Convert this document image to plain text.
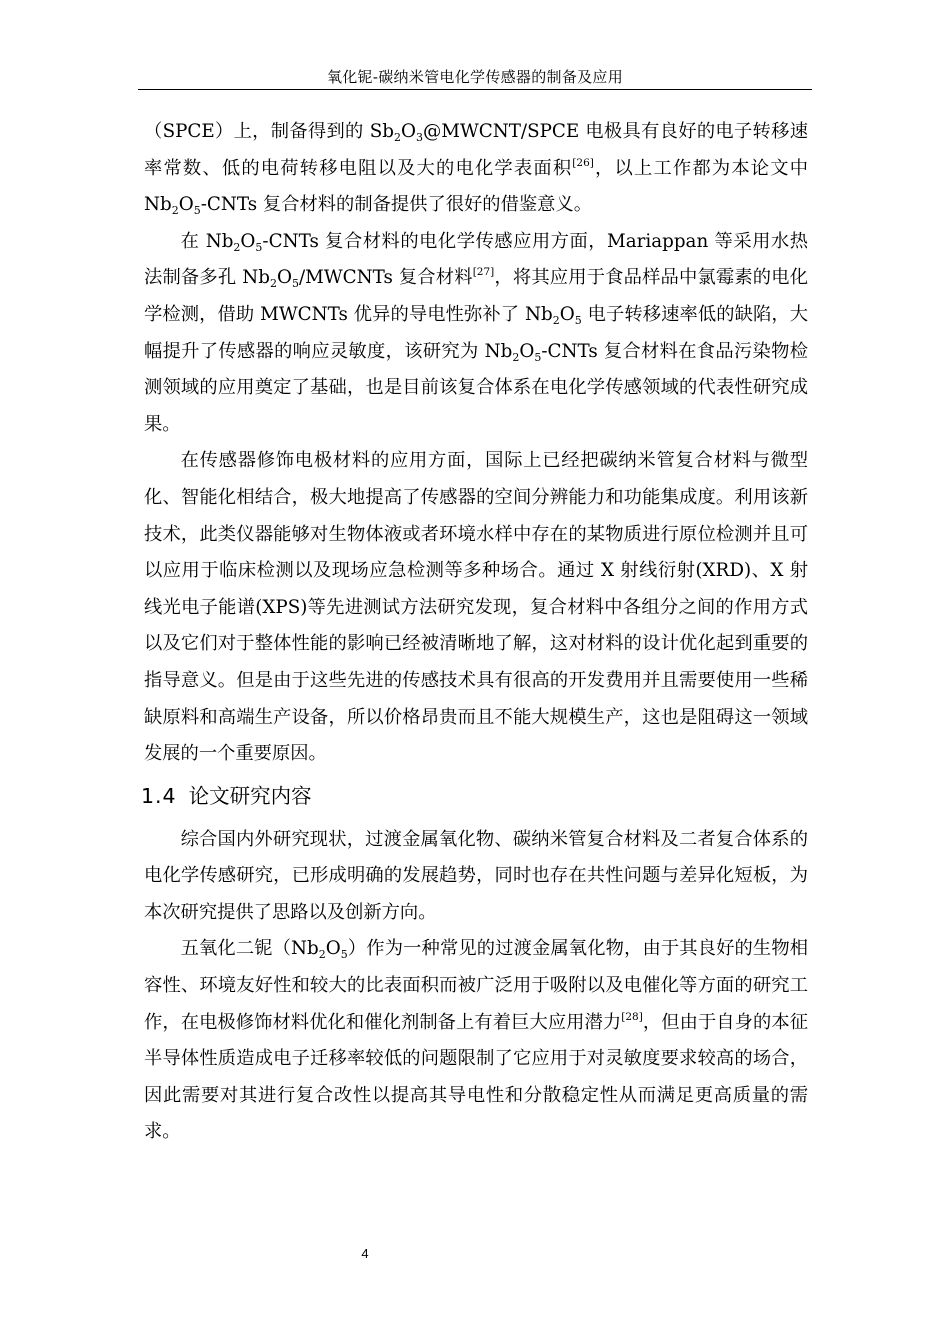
氧化铌-碳纳米管电化学传感器的制备及应用

（SPCE）上，制备得到的 $Sb_2O_3@MWCNT$/SPCE 电极具有良好的电子转移速率常数、低的电荷转移电阻以及大的电化学表面积[26]，以上工作都为本论文中 $Nb_2O_5$-CNTs 复合材料的制备提供了很好的借鉴意义。

在 $Nb_2O_5$-CNTs 复合材料的电化学传感应用方面，Mariappan 等采用水热法制备多孔 $Nb_2O_5$/MWCNTs 复合材料[27]，将其应用于食品样品中氯霉素的电化学检测，借助 MWCNTs 优异的导电性弥补了 $Nb_2O_5$ 电子转移速率低的缺陷，大幅提升了传感器的响应灵敏度，该研究为 $Nb_2O_5$-CNTs 复合材料在食品污染物检测领域的应用奠定了基础，也是目前该复合体系在电化学传感领域的代表性研究成果。

在传感器修饰电极材料的应用方面，国际上已经把碳纳米管复合材料与微型化、智能化相结合，极大地提高了传感器的空间分辨能力和功能集成度。利用该新技术，此类仪器能够对生物体液或者环境水样中存在的某物质进行原位检测并且可以应用于临床检测以及现场应急检测等多种场合。通过 X 射线衍射(XRD)、X 射线光电子能谱(XPS)等先进测试方法研究发现，复合材料中各组分之间的作用方式以及它们对于整体性能的影响已经被清晰地了解，这对材料的设计优化起到重要的指导意义。但是由于这些先进的传感技术具有很高的开发费用并且需要使用一些稀缺原料和高端生产设备，所以价格昂贵而且不能大规模生产，这也是阻碍这一领域发展的一个重要原因。

1.4 论文研究内容

综合国内外研究现状，过渡金属氧化物、碳纳米管复合材料及二者复合体系的电化学传感研究，已形成明确的发展趋势，同时也存在共性问题与差异化短板，为本次研究提供了思路以及创新方向。

五氧化二铌$(Nb_2O_5)$作为一种常见的过渡金属氧化物，由于其良好的生物相容性、环境友好性和较大的比表面积而被广泛用于吸附以及电催化等方面的研究工作，在电极修饰材料优化和催化剂制备上有着巨大应用潜力[28]，但由于自身的本征半导体性质造成电子迁移率较低的问题限制了它应用于对灵敏度要求较高的场合，因此需要对其进行复合改性以提高其导电性和分散稳定性从而满足更高质量的需求。

4
